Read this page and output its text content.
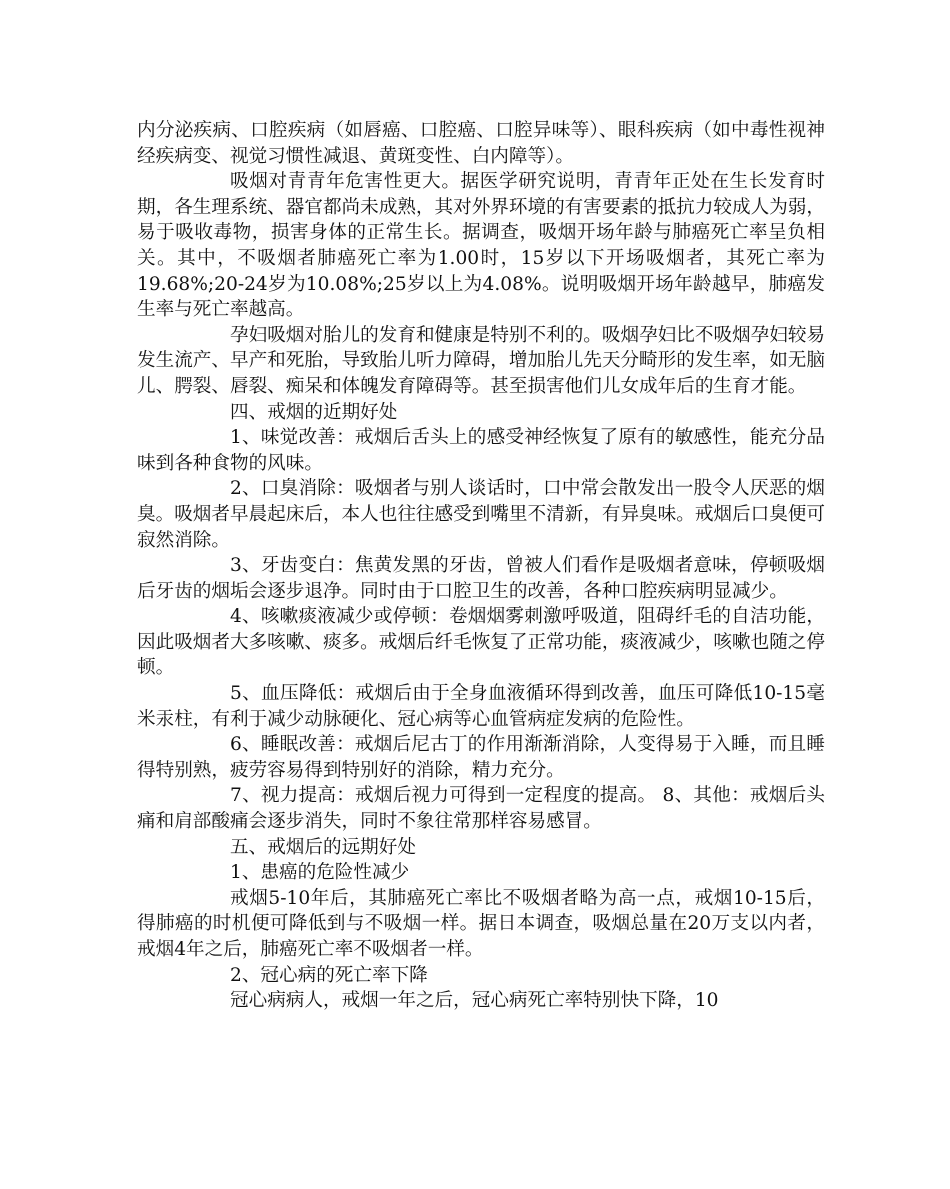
内分泌疾病、口腔疾病（如唇癌、口腔癌、口腔异味等）、眼科疾病（如中毒性视神经疾病变、视觉习惯性减退、黄斑变性、白内障等）。

吸烟对青青年危害性更大。据医学研究说明，青青年正处在生长发育时期，各生理系统、器官都尚未成熟，其对外界环境的有害要素的抵抗力较成人为弱，易于吸收毒物，损害身体的正常生长。据调查，吸烟开场年龄与肺癌死亡率呈负相关。其中，不吸烟者肺癌死亡率为1.00时，15岁以下开场吸烟者，其死亡率为19.68%;20-24岁为10.08%;25岁以上为4.08%。说明吸烟开场年龄越早，肺癌发生率与死亡率越高。

孕妇吸烟对胎儿的发育和健康是特别不利的。吸烟孕妇比不吸烟孕妇较易发生流产、早产和死胎，导致胎儿听力障碍，增加胎儿先天分畸形的发生率，如无脑儿、腭裂、唇裂、痴呆和体魄发育障碍等。甚至损害他们儿女成年后的生育才能。

四、戒烟的近期好处

1、味觉改善：戒烟后舌头上的感受神经恢复了原有的敏感性，能充分品味到各种食物的风味。

2、口臭消除：吸烟者与别人谈话时，口中常会散发出一股令人厌恶的烟臭。吸烟者早晨起床后，本人也往往感受到嘴里不清新，有异臭味。戒烟后口臭便可寂然消除。

3、牙齿变白：焦黄发黑的牙齿，曾被人们看作是吸烟者意味，停顿吸烟后牙齿的烟垢会逐步退净。同时由于口腔卫生的改善，各种口腔疾病明显减少。

4、咳嗽痰液减少或停顿：卷烟烟雾刺激呼吸道，阻碍纤毛的自洁功能，因此吸烟者大多咳嗽、痰多。戒烟后纤毛恢复了正常功能，痰液减少，咳嗽也随之停顿。

5、血压降低：戒烟后由于全身血液循环得到改善，血压可降低10-15毫米汞柱，有利于减少动脉硬化、冠心病等心血管病症发病的危险性。

6、睡眠改善：戒烟后尼古丁的作用渐渐消除，人变得易于入睡，而且睡得特别熟，疲劳容易得到特别好的消除，精力充分。

7、视力提高：戒烟后视力可得到一定程度的提高。 8、其他：戒烟后头痛和肩部酸痛会逐步消失，同时不象往常那样容易感冒。

五、戒烟后的远期好处

1、患癌的危险性减少

戒烟5-10年后，其肺癌死亡率比不吸烟者略为高一点，戒烟10-15后，得肺癌的时机便可降低到与不吸烟一样。据日本调查，吸烟总量在20万支以内者，戒烟4年之后，肺癌死亡率不吸烟者一样。

2、冠心病的死亡率下降

冠心病病人，戒烟一年之后，冠心病死亡率特别快下降，10
